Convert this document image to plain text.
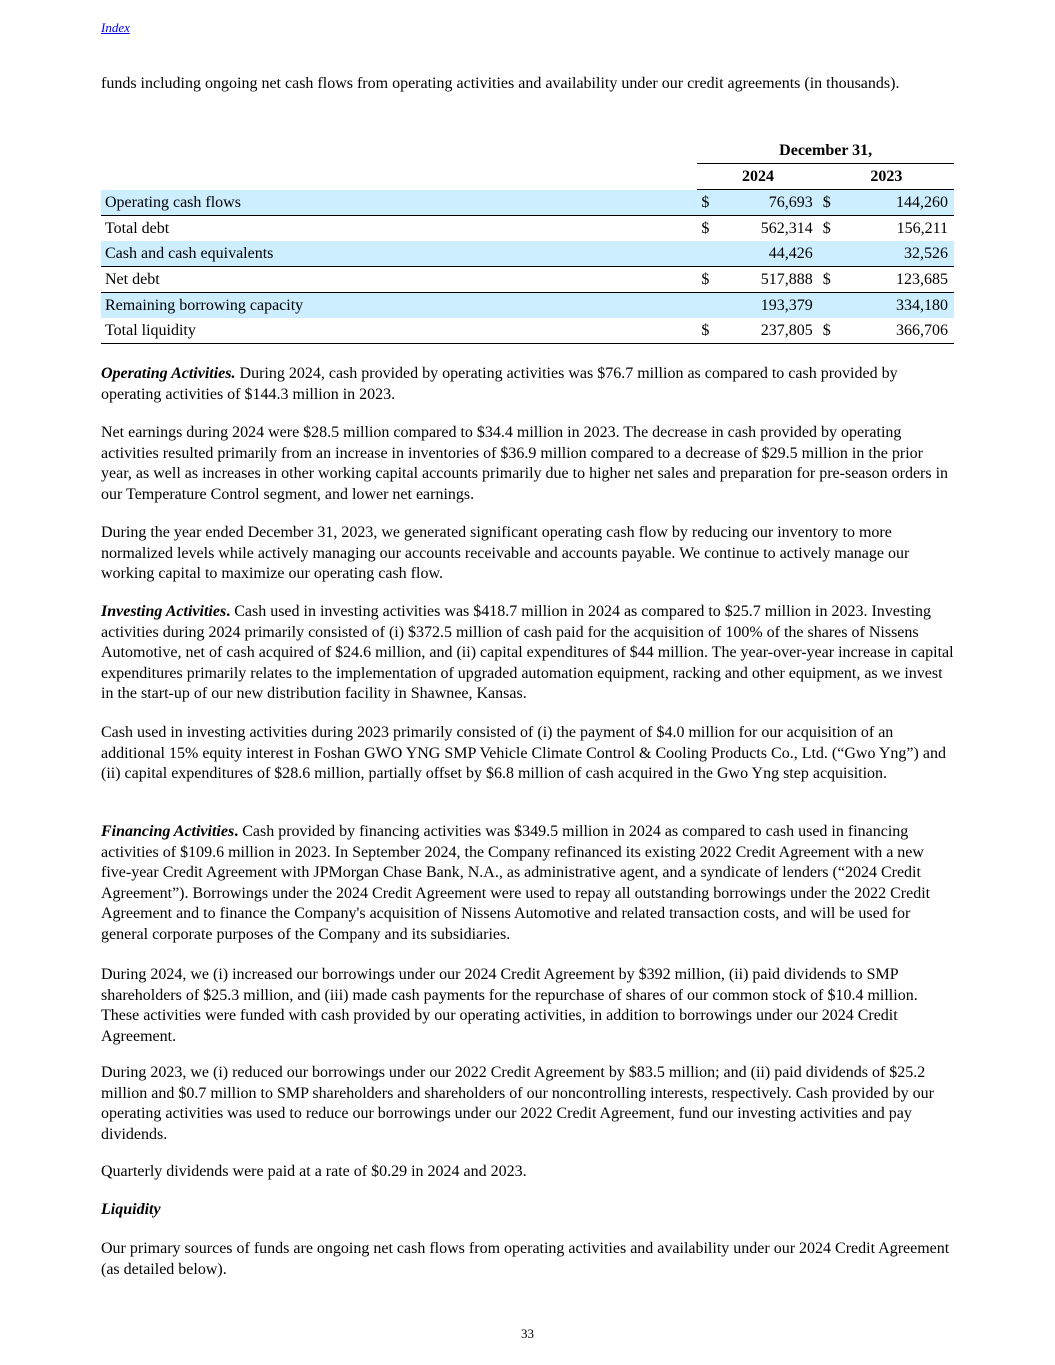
Index

funds including ongoing net cash flows from operating activities and availability under our credit agreements (in thousands).

	December 31,			
	2024		2023	
Operating cash flows	$	76,693	$	144,260
Total debt	$	562,314	$	156,211
Cash and cash equivalents		44,426		32,526
Net debt	$	517,888	$	123,685
Remaining borrowing capacity		193,379		334,180
Total liquidity	$	237,805	$	366,706

Operating Activities. During 2024, cash provided by operating activities was $76.7 million as compared to cash provided by operating activities of $144.3 million in 2023.

Net earnings during 2024 were $28.5 million compared to $34.4 million in 2023. The decrease in cash provided by operating activities resulted primarily from an increase in inventories of $36.9 million compared to a decrease of $29.5 million in the prior year, as well as increases in other working capital accounts primarily due to higher net sales and preparation for pre-season orders in our Temperature Control segment, and lower net earnings.

During the year ended December 31, 2023, we generated significant operating cash flow by reducing our inventory to more normalized levels while actively managing our accounts receivable and accounts payable. We continue to actively manage our working capital to maximize our operating cash flow.

Investing Activities. Cash used in investing activities was $418.7 million in 2024 as compared to $25.7 million in 2023. Investing activities during 2024 primarily consisted of (i) $372.5 million of cash paid for the acquisition of 100% of the shares of Nissens Automotive, net of cash acquired of $24.6 million, and (ii) capital expenditures of $44 million. The year-over-year increase in capital expenditures primarily relates to the implementation of upgraded automation equipment, racking and other equipment, as we invest in the start-up of our new distribution facility in Shawnee, Kansas.

Cash used in investing activities during 2023 primarily consisted of (i) the payment of $4.0 million for our acquisition of an additional 15% equity interest in Foshan GWO YNG SMP Vehicle Climate Control & Cooling Products Co., Ltd. (“Gwo Yng”) and (ii) capital expenditures of $28.6 million, partially offset by $6.8 million of cash acquired in the Gwo Yng step acquisition.

Financing Activities. Cash provided by financing activities was $349.5 million in 2024 as compared to cash used in financing activities of $109.6 million in 2023. In September 2024, the Company refinanced its existing 2022 Credit Agreement with a new five-year Credit Agreement with JPMorgan Chase Bank, N.A., as administrative agent, and a syndicate of lenders (“2024 Credit Agreement”). Borrowings under the 2024 Credit Agreement were used to repay all outstanding borrowings under the 2022 Credit Agreement and to finance the Company's acquisition of Nissens Automotive and related transaction costs, and will be used for general corporate purposes of the Company and its subsidiaries.

During 2024, we (i) increased our borrowings under our 2024 Credit Agreement by $392 million, (ii) paid dividends to SMP shareholders of $25.3 million, and (iii) made cash payments for the repurchase of shares of our common stock of $10.4 million. These activities were funded with cash provided by our operating activities, in addition to borrowings under our 2024 Credit Agreement.

During 2023, we (i) reduced our borrowings under our 2022 Credit Agreement by $83.5 million; and (ii) paid dividends of $25.2 million and $0.7 million to SMP shareholders and shareholders of our noncontrolling interests, respectively. Cash provided by our operating activities was used to reduce our borrowings under our 2022 Credit Agreement, fund our investing activities and pay dividends.

Quarterly dividends were paid at a rate of $0.29 in 2024 and 2023.

Liquidity

Our primary sources of funds are ongoing net cash flows from operating activities and availability under our 2024 Credit Agreement (as detailed below).

33
